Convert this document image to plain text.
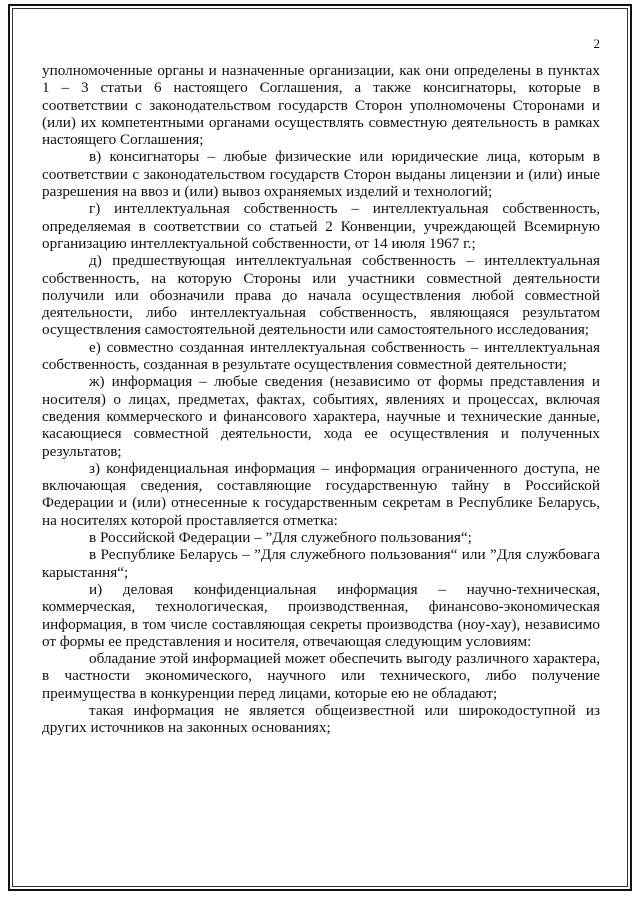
2

уполномоченные органы и назначенные организации, как они определены в пунктах 1 – 3 статьи 6 настоящего Соглашения, а также консигнаторы, которые в соответствии с законодательством государств Сторон уполномочены Сторонами и (или) их компетентными органами осуществлять совместную деятельность в рамках настоящего Соглашения;

в) консигнаторы – любые физические или юридические лица, которым в соответствии с законодательством государств Сторон выданы лицензии и (или) иные разрешения на ввоз и (или) вывоз охраняемых изделий и технологий;

г) интеллектуальная собственность – интеллектуальная собственность, определяемая в соответствии со статьей 2 Конвенции, учреждающей Всемирную организацию интеллектуальной собственности, от 14 июля 1967 г.;

д) предшествующая интеллектуальная собственность – интеллектуальная собственность, на которую Стороны или участники совместной деятельности получили или обозначили права до начала осуществления любой совместной деятельности, либо интеллектуальная собственность, являющаяся результатом осуществления самостоятельной деятельности или самостоятельного исследования;

е) совместно созданная интеллектуальная собственность – интеллектуальная собственность, созданная в результате осуществления совместной деятельности;

ж) информация – любые сведения (независимо от формы представления и носителя) о лицах, предметах, фактах, событиях, явлениях и процессах, включая сведения коммерческого и финансового характера, научные и технические данные, касающиеся совместной деятельности, хода ее осуществления и полученных результатов;

з) конфиденциальная информация – информация ограниченного доступа, не включающая сведения, составляющие государственную тайну в Российской Федерации и (или) отнесенные к государственным секретам в Республике Беларусь, на носителях которой проставляется отметка:

в Российской Федерации – ”Для служебного пользования“;

в Республике Беларусь – ”Для служебного пользования“ или ”Для службовага карыстання“;

и) деловая конфиденциальная информация – научно-техническая, коммерческая, технологическая, производственная, финансово-экономическая информация, в том числе составляющая секреты производства (ноу-хау), независимо от формы ее представления и носителя, отвечающая следующим условиям:

обладание этой информацией может обеспечить выгоду различного характера, в частности экономического, научного или технического, либо получение преимущества в конкуренции перед лицами, которые ею не обладают;

такая информация не является общеизвестной или широкодоступной из других источников на законных основаниях;
